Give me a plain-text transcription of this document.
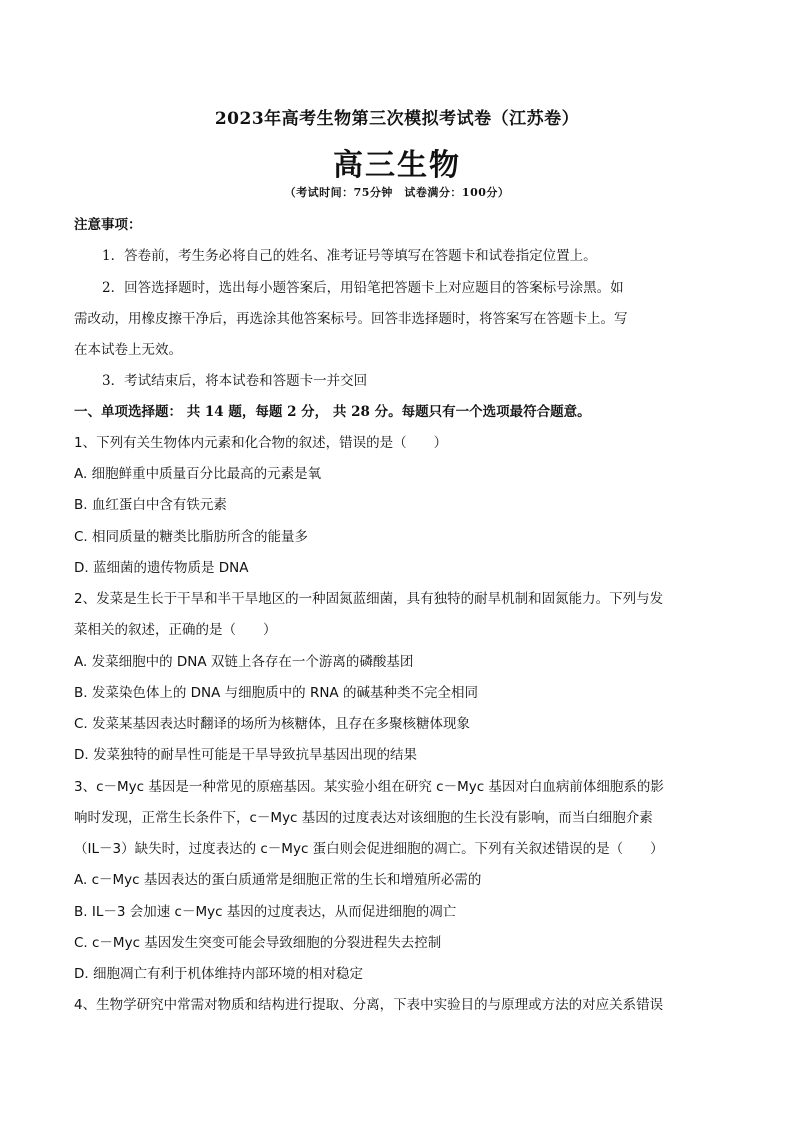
2023年高考生物第三次模拟考试卷（江苏卷）
高三生物
（考试时间：75分钟　试卷满分：100分）
注意事项：
1．答卷前，考生务必将自己的姓名、准考证号等填写在答题卡和试卷指定位置上。
2．回答选择题时，选出每小题答案后，用铅笔把答题卡上对应题目的答案标号涂黑。如
需改动，用橡皮擦干净后，再选涂其他答案标号。回答非选择题时，将答案写在答题卡上。写
在本试卷上无效。
3．考试结束后，将本试卷和答题卡一并交回
一、单项选择题： 共 14 题，每题 2 分， 共 28 分。每题只有一个选项最符合题意。
1、下列有关生物体内元素和化合物的叙述，错误的是（　　）
A. 细胞鲜重中质量百分比最高的元素是氧
B. 血红蛋白中含有铁元素
C. 相同质量的糖类比脂肪所含的能量多
D. 蓝细菌的遗传物质是 DNA
2、发菜是生长于干旱和半干旱地区的一种固氮蓝细菌，具有独特的耐旱机制和固氮能力。下列与发
菜相关的叙述，正确的是（　　）
A. 发菜细胞中的 DNA 双链上各存在一个游离的磷酸基团
B. 发菜染色体上的 DNA 与细胞质中的 RNA 的碱基种类不完全相同
C. 发菜某基因表达时翻译的场所为核糖体，且存在多聚核糖体现象
D. 发菜独特的耐旱性可能是干旱导致抗旱基因出现的结果
3、c－Myc 基因是一种常见的原癌基因。某实验小组在研究 c－Myc 基因对白血病前体细胞系的影
响时发现，正常生长条件下，c－Myc 基因的过度表达对该细胞的生长没有影响，而当白细胞介素
（IL－3）缺失时，过度表达的 c－Myc 蛋白则会促进细胞的凋亡。下列有关叙述错误的是（　　）
A. c－Myc 基因表达的蛋白质通常是细胞正常的生长和增殖所必需的
B. IL－3 会加速 c－Myc 基因的过度表达，从而促进细胞的凋亡
C. c－Myc 基因发生突变可能会导致细胞的分裂进程失去控制
D. 细胞凋亡有利于机体维持内部环境的相对稳定
4、生物学研究中常需对物质和结构进行提取、分离，下表中实验目的与原理或方法的对应关系错误
